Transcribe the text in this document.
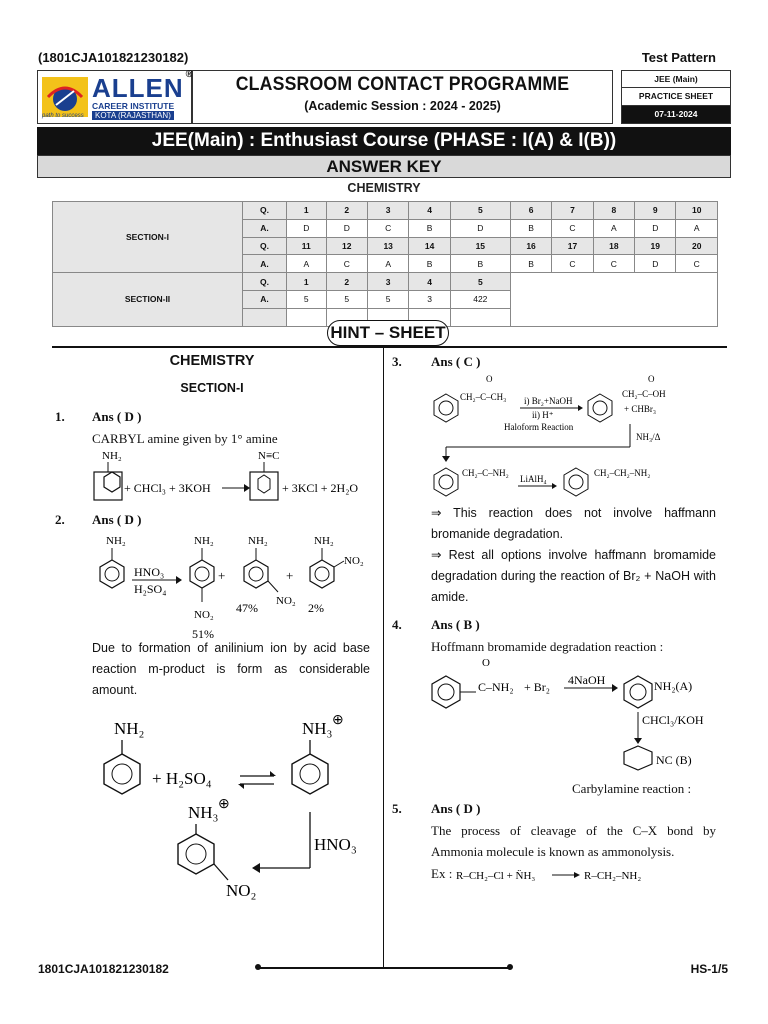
(1801CJA101821230182)	Test Pattern
ALLEN ®
CAREER INSTITUTE
KOTA (RAJASTHAN)
path to success
CLASSROOM CONTACT PROGRAMME
(Academic Session : 2024 - 2025)
JEE (Main)
PRACTICE SHEET
07-11-2024
JEE(Main) : Enthusiast Course (PHASE : I(A) & I(B))
ANSWER KEY
CHEMISTRY
SECTION-I	Q.	1	2	3	4	5	6	7	8	9	10
	A.	D	D	C	B	D	B	C	A	D	A
	Q.	11	12	13	14	15	16	17	18	19	20
	A.	A	C	A	B	B	B	C	C	D	C
SECTION-II	Q.	1	2	3	4	5					
	A.	5	5	5	3	422					

HINT – SHEET
CHEMISTRY
SECTION-I
1. Ans ( D )
CARBYL amine given by 1° amine
NH₂
+ CHCl₃ + 3KOH
N≡C
+ 3KCl + 2H₂O
2. Ans ( D )
NH₂
HNO₃
H₂SO₄
NH₂
NO₂
51%
+
NH₂
NO₂
47%
+
NH₂
NO₂
2%
Due to formation of anilinium ion by acid base reaction m-product is form as considerable amount.
NH₂
+ H₂SO₄
NH₃ ⊕
HNO₃
NH₃ ⊕
NO₂
3. Ans ( C )
O
CH₂–C–CH₃ i) Br₂+NaOH
ii) H⁺
Haloform Reaction
O
CH₂–C–OH
+ CHBr₃
NH₃/Δ
CH₂–C–NH₂
LiAlH₄
CH₂–CH₂–NH₂
⇒ This reaction does not involve haffmann bromanide degradation.
⇒ Rest all options involve haffmann bromamide degradation during the reaction of Br₂ + NaOH with amide.
4. Ans ( B )
Hoffmann bromamide degradation reaction :
O
C–NH₂ + Br₂ 4NaOH	NH₂(A)
CHCl₃/KOH
NC (B)
Carbylamine reaction :
5. Ans ( D )
The process of cleavage of the C–X bond by Ammonia molecule is known as ammonolysis.
Ex : R–CH₂–Cl + N̈H₃	R–CH₂–NH₂
1801CJA101821230182	HS-1/5
